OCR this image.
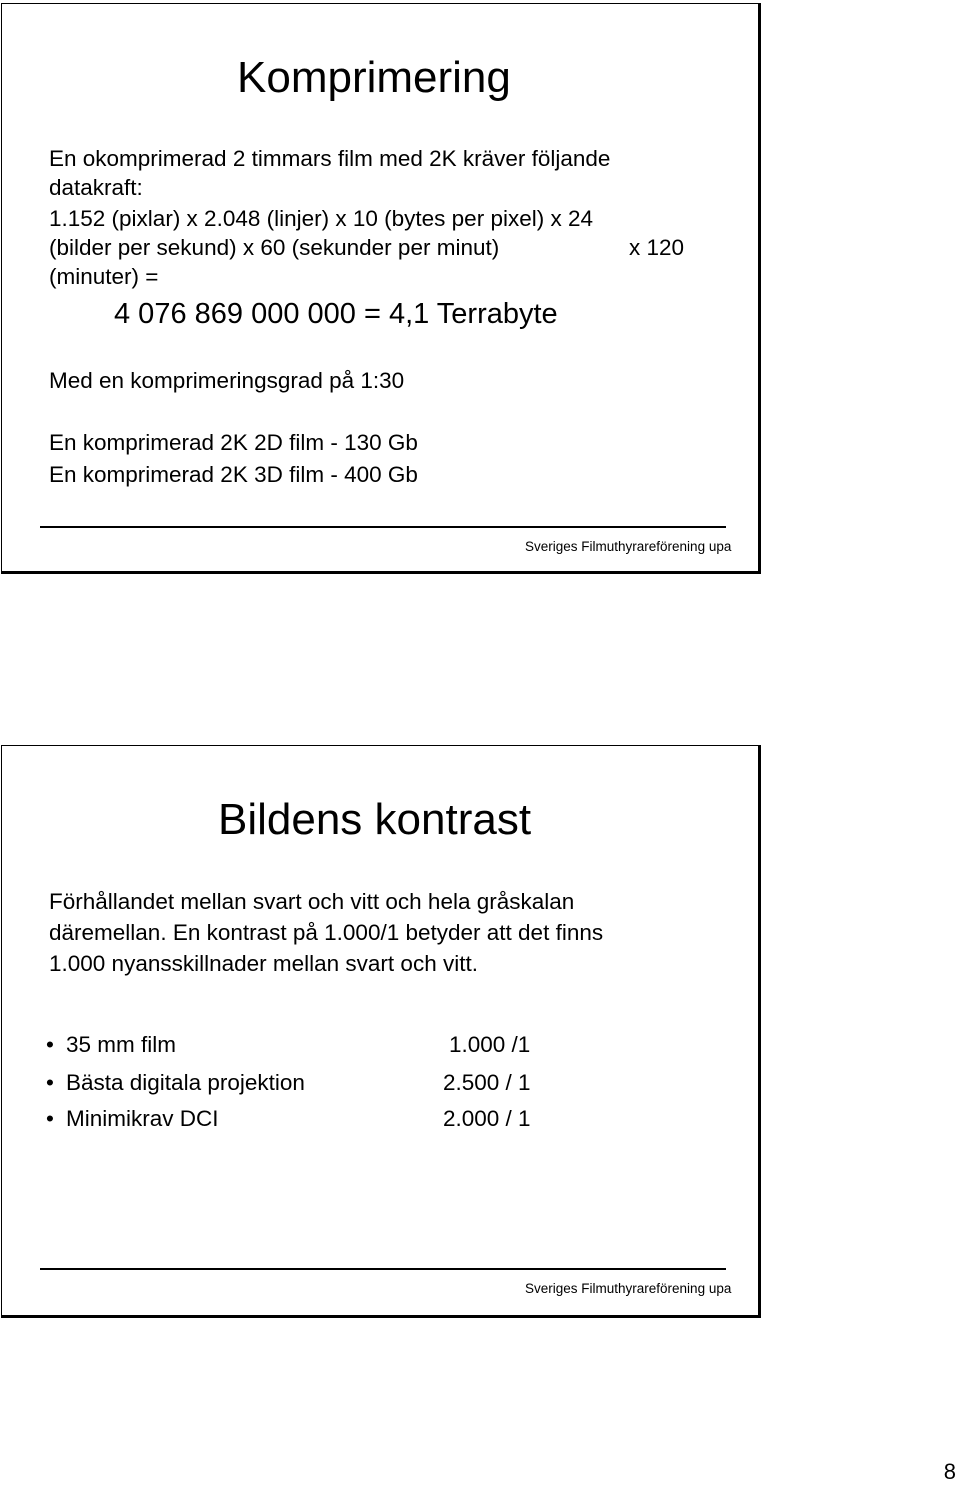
Komprimering

En okomprimerad 2 timmars film med 2K kräver följande

datakraft:

1.152 (pixlar) x 2.048 (linjer) x 10 (bytes per pixel) x 24

(bilder per sekund) x 60 (sekunder per minut)	x 120

(minuter) =

4 076 869 000 000 = 4,1 Terrabyte

Med en komprimeringsgrad på 1:30

En komprimerad 2K 2D film - 130 Gb

En komprimerad 2K 3D film - 400 Gb

Sveriges Filmuthyrareförening upa
Bildens kontrast

Förhållandet mellan svart och vitt och hela gråskalan

däremellan. En kontrast på 1.000/1 betyder att det finns

1.000 nyansskillnader mellan svart och vitt.

• 35 mm film	1.000 /1
• Bästa digitala projektion	2.500 / 1
• Minimikrav DCI	2.000 / 1
Sveriges Filmuthyrareförening upa
8
